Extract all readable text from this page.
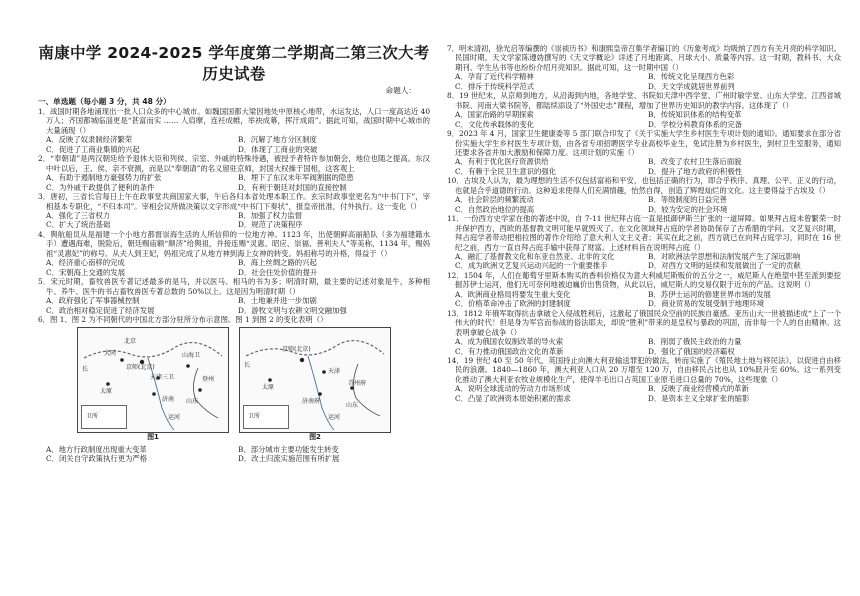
南康中学 2024-2025 学年度第二学期高二第三次大考
历史试卷
命题人：
一、单选题（每小题 3 分，共 48 分）
1．战国时期各地涌现出一批人口众多的中心城市。如魏国国都大梁因地处中原核心地带，水运发达，人口一度高达近 40 万人；齐国都城临淄更是“甚富而实 …… 人肩摩，连衽成帷，举袂成幕，挥汗成雨”。据此可知，战国时期中心城市的大量涌现（）
A．反映了奴隶制经济繁荣	B．沉解了地方分区制度
C．促进了工商业集镇的兴起	D．体现了工商业的突破
2．“奉朝请”是两汉朝廷给予退休大臣和列侯、宗室、外戚的特殊待遇，被授予者特许参加朝会，地位也随之提高。东汉中叶以后，王、侯、亲不衰测，而是以“奉朝请”的名义留驻京师，封国大权操于国相，这客观上
A．有助于遏制地方豪强势力的扩张	B．埋下了东汉末年军阀割据的隐患
C．为外戚干政提供了便利的条件	D．有利于朝廷对封国的直接控制
3．唐初，三省长官每日上午在政事堂共商国家大事，午后各归本省处理本职工作。玄宗时政事堂更名为“中书门下”，宰相基本专职化，“不归本司”。宰相会议所做决策以文字形成“中书门下奏状”，报皇帝批准，付外执行。这一变化（）
A．强化了三省权力	B．加强了权力监督
C．扩大了统治基础	D．规范了决策程序
4．舆航船员从是福建一个小地方都督崇海生活的人所信仰的一位地方神。1123 年，出使朝鲜高丽船队（多为福建籍水手）遭遇海难，脱险后，朝廷赐庙额“顺济”给舆祖，并接连赐“灵惠、昭应、崇福、善利夫人”等美称，1134 年，赐妈祖“灵惠妃”的称号。从夫人到王妃，妈祖完成了从地方神到海上女神的转变。妈祖称号的升格，得益于（）
A．经济重心南移的完成	B．海上丝绸之路的兴起
C．宋朝海上交通的发展	D．社会住处价值的提升
5．宋元时期，畜牧兽医专著记述最多的是马，并以医马、相马的书为多；明清时期，最主要的记述对象是牛，多种相牛、养牛、医牛的书占畜牧兽医专著总数的 50%以上。这是因为明清时期（）
A．政府强化了军事器械控制	B．土地兼并进一步加剧
C．政治相对稳定促进了经济发展	D．游牧文明与农耕文明交融加强
6．图 1、图 2 为不同朝代的中国北方部分驻所分布示意图。图 1 到图 2 的变化表明（）
北京
京师(北京)
山海卫
太原
大同
山东
天津三卫	登州
济南
运河
长
卫所
图1
京师(北京)
天津
太原
山东
济南府
青州府
运河
长
卫所
图2
A．地方行政制度出现重大变革	B．部分城市主要功能发生转变
C．闭关自守政策执行更为严格	D．改土归流实施范围有所扩展
7．明末清初，徐光启等编撰的《崇祯历书》和康熙皇帝召集学者编订的《历象考成》均吸纳了西方有关月亮的科学知识。民国时期，天文学家陈遵妫撰写的《天文学概论》详述了月地距离、月球大小、质量等内容。这一时期，教科书、大众期刊、学生丛书等也纷纷介绍月亮知识。据此可知，这一时期中国（）
A．孕育了近代科学精神	B．传统文化呈现西方色彩
C．排斥于传统科学范式	D．天文学成就居世界前列
8．19 世纪末，从京师到地方，从沿海到内地，各地学堂、书院如天津中西学堂、广州时敏学堂、山东大学堂、江西省城书院、河南大梁书院等，都陆续添设了“外国史志”课程，增加了世界历史知识的教学内容。这体现了（）
A．国家治路的早期探索	B．传统知识体系的结构变革
C．文化传承载体的变化	D．学校分科教育体系的完备
9．2023 年 4 月，国家卫生健康委等 5 部门联合印发了《关于实施大学生乡村医生专项计划的通知》。通知要求在部分省份实施大学生乡村医生专项计划，由各省专项招聘医学专业高校毕业生，免试注册为乡村医生，到村卫生室服务，通知还要求各省并加大激励和保障力度。这项计划的实施（）
A．有利于优化医疗资源供给	B．改变了农村卫生落后面貌
C．有赖于全民卫生意识的强化	D．提升了地方政府的积极性
10．古埃及人认为，最为理想的生活不仅包括富裕和平安，也包括正确的行为，即合乎秩序、真理、公平、正义的行动，也就是合乎道德的行动。这种追求使得人们充满情趣，怡然自得，创造了辉煌灿烂的文化。这主要得益于古埃及（）
A．社会阶层的频繁流动	B．等级制度的日益完善
C．自然政治地位的提高	D．较为安定的社会环境
11．一份西方史学家在他的著述中说，自 7-11 世纪拜占庭一直是抵御伊斯兰扩张的一道屏障。如果拜占庭未曾繁荣一时并保护西方，西欧的基督教文明可能早就毁灭了。在文化领域拜占庭的学者协助保存了古希腊的学问。文艺复兴时期，拜占庭学者带动把相拉图的著作介绍给了意大利人文主义者；其实在此之前，西方就已在向拜占庭学习，同时在 16 世纪之前，西方一直自拜占庭手输中获得了财富。上述材料旨在说明拜占庭（）
A．融汇了基督教文化和东亚自然亚、北非的文化	B．对欧洲法学思想和法制发展产生了深远影响
C．成为欧洲文艺复兴运动兴起的一个重要推手	D．对西方文明的延续和发展做出了一定的贡献
12．1504 年，人们在葡萄牙里斯本购买的香料价格仅为意大利威尼斯贩价的五分之一，威尼斯人在绝望中甚至派到要挖掘苏伊士运河，他们无可奈何地被迫巍价出售货物，从此以后，威尼斯人的交易仅限于近东的产品。这说明（）
A．欧洲商业格局将要发生重大变化	B．苏伊士运河的修建世界市场的发展
C．价格革命冲击了欧洲的封建制度	D．商业贸易的发展受制于地理环境
13．1812 年俄军取得抗击拿破仑入侵战胜利后，这激起了俄国民众空前的民族自豪感。亚历山大一世被描述成“上了一个伟大的时代！但是身为军官而参战的俗法耶夫，却说“胜利”带来的是皇权与暴政的巩固，而非每一个人的自由精神。这表明拿破仑战争（）
A．成为俄国农奴制改革的导火索	B．削弱了俄民主政治的力量
C．有力推动俄国政治文化的革新	D．强化了俄国的经济霸权
14．19 世纪 40 至 50 年代，英国持止向澳大利亚输送罪犯的做法，转而实施了《殖民地土地与移民法》，以促进自由移民的浪潮。1840—1860 年，澳大利亚人口从 20 万增至 120 万，自由移民占比也从 10%跃升至 60%。这一系列变化推动了澳大利亚农牧业规模化生产，使得羊毛出口占英国工业原毛进口总量的 70%，这些现象（）
A．说明全球流动的劳动力市场形成	B．反映了商业经营模式的革新
C．凸显了欧洲资本原始积累的需求	D．是资本主义全球扩张的缩影
